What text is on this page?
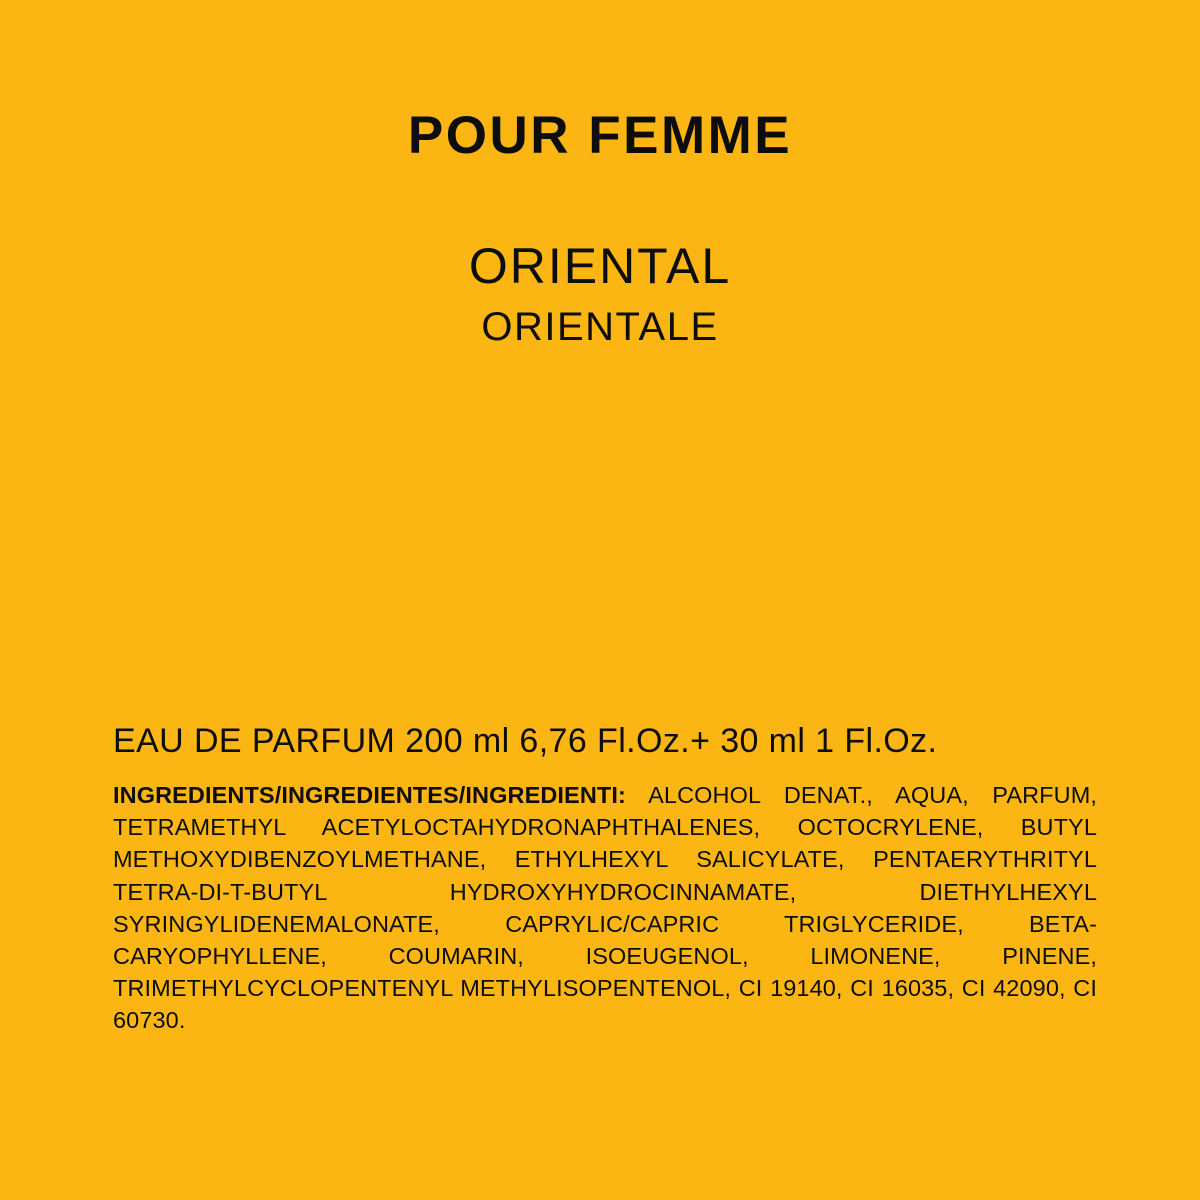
POUR FEMME
ORIENTAL
ORIENTALE
EAU DE PARFUM 200 ml 6,76 Fl.Oz.+ 30 ml 1 Fl.Oz.
INGREDIENTS/INGREDIENTES/INGREDIENTI: ALCOHOL DENAT., AQUA, PARFUM, TETRAMETHYL ACETYLOCTAHYDRONAPHTHALENES, OCTOCRYLENE, BUTYL METHOXYDIBENZOYLMETHANE, ETHYLHEXYL SALICYLATE, PENTAERYTHRITYL TETRA-DI-T-BUTYL HYDROXYHYDROCINNAMATE, DIETHYLHEXYL SYRINGYLIDENEMALONATE, CAPRYLIC/CAPRIC TRIGLYCERIDE, BETA-CARYOPHYLLENE, COUMARIN, ISOEUGENOL, LIMONENE, PINENE, TRIMETHYLCYCLOPENTENYL METHYLISOPENTENOL, CI 19140, CI 16035, CI 42090, CI 60730.
